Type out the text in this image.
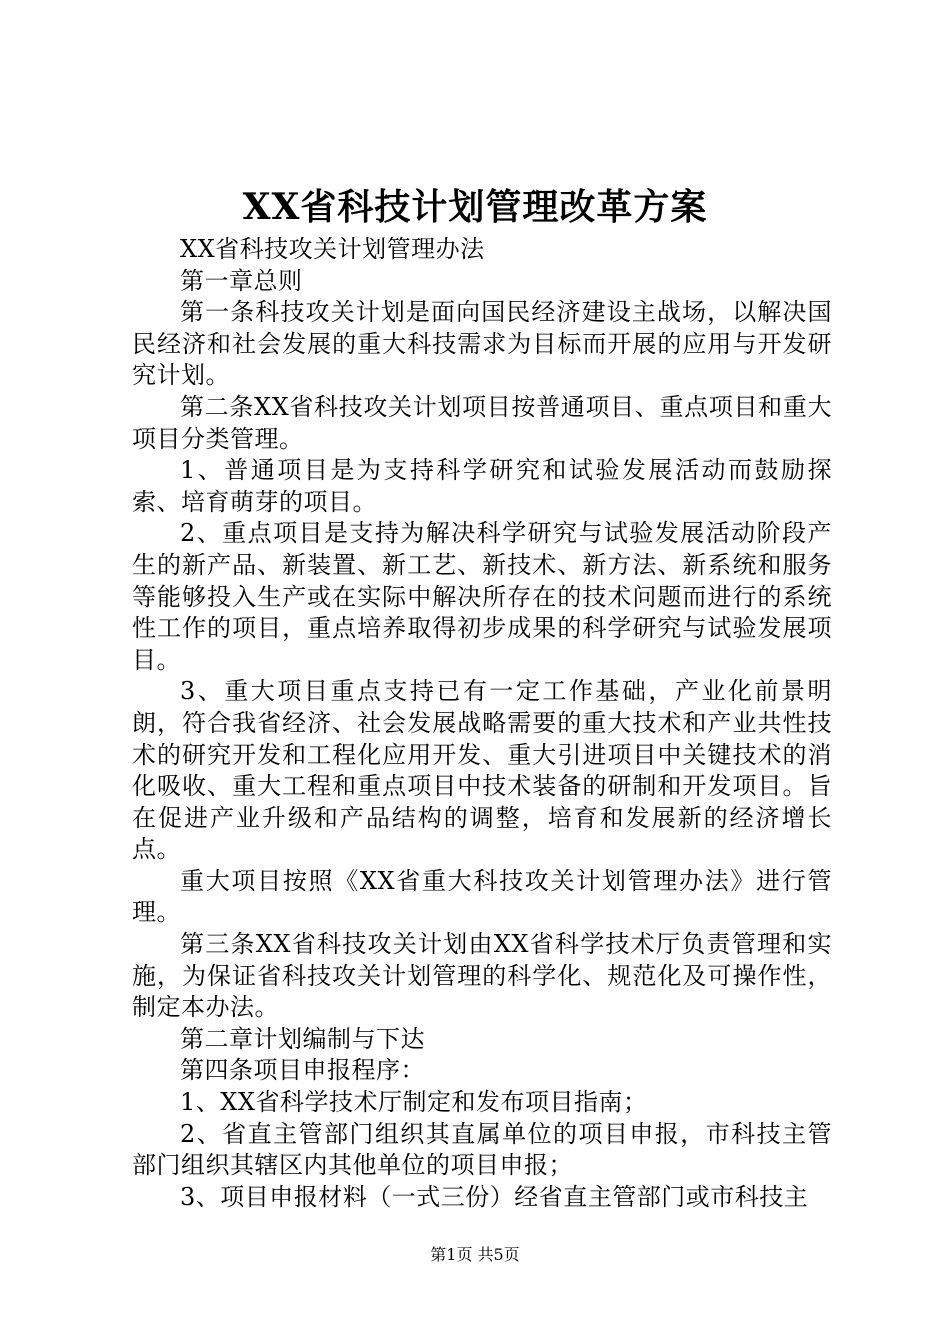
XX省科技计划管理改革方案

XX省科技攻关计划管理办法

第一章总则

第一条科技攻关计划是面向国民经济建设主战场，以解决国民经济和社会发展的重大科技需求为目标而开展的应用与开发研究计划。

第二条XX省科技攻关计划项目按普通项目、重点项目和重大项目分类管理。

1、普通项目是为支持科学研究和试验发展活动而鼓励探索、培育萌芽的项目。

2、重点项目是支持为解决科学研究与试验发展活动阶段产生的新产品、新装置、新工艺、新技术、新方法、新系统和服务等能够投入生产或在实际中解决所存在的技术问题而进行的系统性工作的项目，重点培养取得初步成果的科学研究与试验发展项目。

3、重大项目重点支持已有一定工作基础，产业化前景明朗，符合我省经济、社会发展战略需要的重大技术和产业共性技术的研究开发和工程化应用开发、重大引进项目中关键技术的消化吸收、重大工程和重点项目中技术装备的研制和开发项目。旨在促进产业升级和产品结构的调整，培育和发展新的经济增长点。

重大项目按照《XX省重大科技攻关计划管理办法》进行管理。

第三条XX省科技攻关计划由XX省科学技术厅负责管理和实施，为保证省科技攻关计划管理的科学化、规范化及可操作性，制定本办法。

第二章计划编制与下达

第四条项目申报程序：

1、XX省科学技术厅制定和发布项目指南；

2、省直主管部门组织其直属单位的项目申报，市科技主管部门组织其辖区内其他单位的项目申报；

3、项目申报材料（一式三份）经省直主管部门或市科技主

第1页 共5页
